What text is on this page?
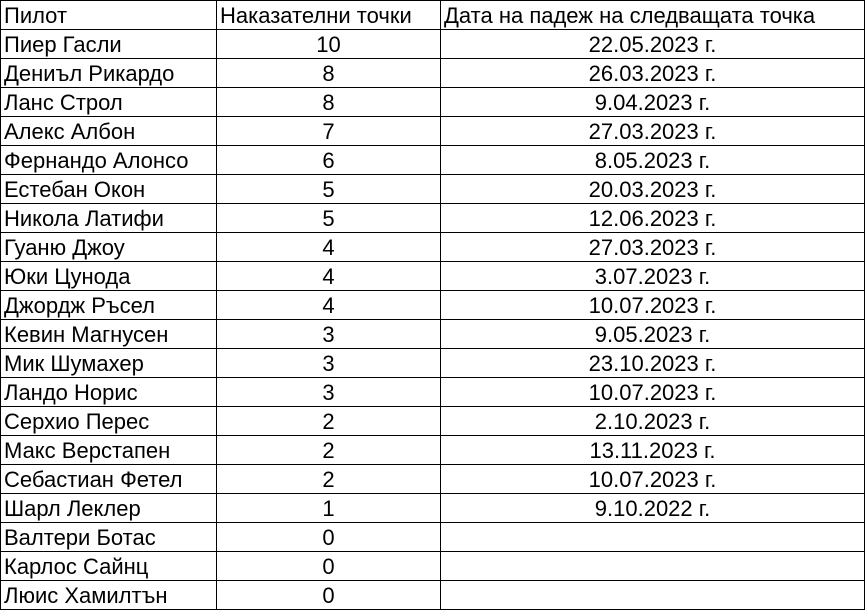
Пилот	Наказателни точки	Дата на падеж на следващата точка
Пиер Гасли	10	22.05.2023 г.
Дениъл Рикардо	8	26.03.2023 г.
Ланс Строл	8	9.04.2023 г.
Алекс Албон	7	27.03.2023 г.
Фернандо Алонсо	6	8.05.2023 г.
Естебан Окон	5	20.03.2023 г.
Никола Латифи	5	12.06.2023 г.
Гуаню Джоу	4	27.03.2023 г.
Юки Цунода	4	3.07.2023 г.
Джордж Ръсел	4	10.07.2023 г.
Кевин Магнусен	3	9.05.2023 г.
Мик Шумахер	3	23.10.2023 г.
Ландо Норис	3	10.07.2023 г.
Серхио Перес	2	2.10.2023 г.
Макс Верстапен	2	13.11.2023 г.
Себастиан Фетел	2	10.07.2023 г.
Шарл Леклер	1	9.10.2022 г.
Валтери Ботас	0	
Карлос Сайнц	0	
Люис Хамилтън	0	
